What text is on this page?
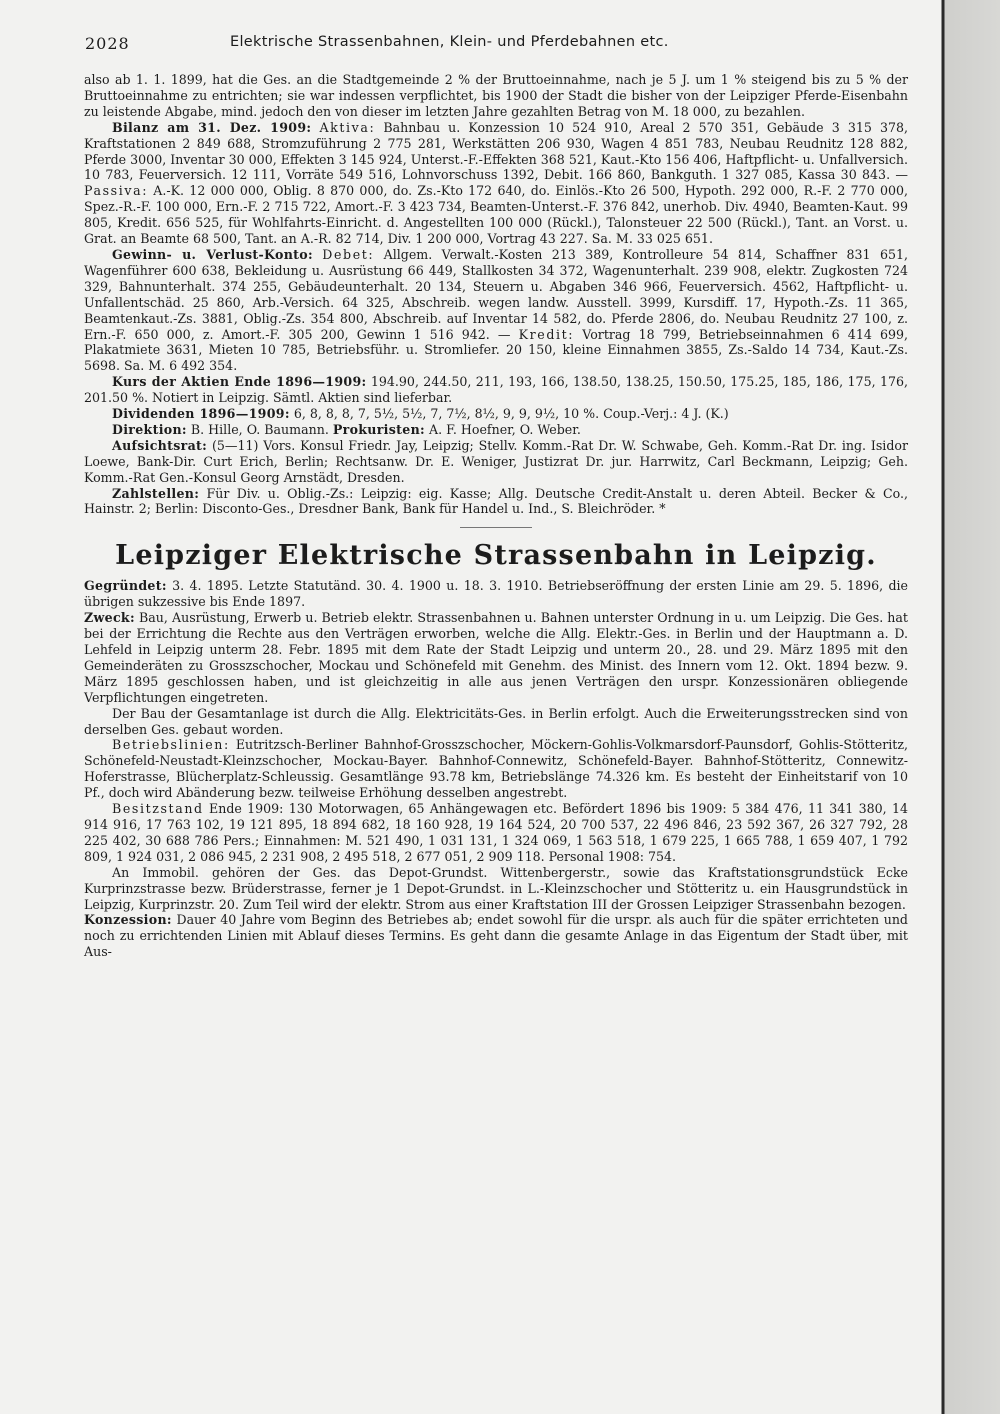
2028	Elektrische Strassenbahnen, Klein- und Pferdebahnen etc.

also ab 1. 1. 1899, hat die Ges. an die Stadtgemeinde 2 % der Bruttoeinnahme, nach je 5 J. um 1 % steigend bis zu 5 % der Bruttoeinnahme zu entrichten; sie war indessen verpflichtet, bis 1900 der Stadt die bisher von der Leipziger Pferde-Eisenbahn zu leistende Abgabe, mind. jedoch den von dieser im letzten Jahre gezahlten Betrag von M. 18 000, zu bezahlen.

Bilanz am 31. Dez. 1909: Aktiva: Bahnbau u. Konzession 10 524 910, Areal 2 570 351, Gebäude 3 315 378, Kraftstationen 2 849 688, Stromzuführung 2 775 281, Werkstätten 206 930, Wagen 4 851 783, Neubau Reudnitz 128 882, Pferde 3000, Inventar 30 000, Effekten 3 145 924, Unterst.-F.-Effekten 368 521, Kaut.-Kto 156 406, Haftpflicht- u. Unfallversich. 10 783, Feuerversich. 12 111, Vorräte 549 516, Lohnvorschuss 1392, Debit. 166 860, Bankguth. 1 327 085, Kassa 30 843. — Passiva: A.-K. 12 000 000, Oblig. 8 870 000, do. Zs.-Kto 172 640, do. Einlös.-Kto 26 500, Hypoth. 292 000, R.-F. 2 770 000, Spez.-R.-F. 100 000, Ern.-F. 2 715 722, Amort.-F. 3 423 734, Beamten-Unterst.-F. 376 842, unerhob. Div. 4940, Beamten-Kaut. 99 805, Kredit. 656 525, für Wohlfahrts-Einricht. d. Angestellten 100 000 (Rückl.), Talonsteuer 22 500 (Rückl.), Tant. an Vorst. u. Grat. an Beamte 68 500, Tant. an A.-R. 82 714, Div. 1 200 000, Vortrag 43 227. Sa. M. 33 025 651.

Gewinn- u. Verlust-Konto: Debet: Allgem. Verwalt.-Kosten 213 389, Kontrolleure 54 814, Schaffner 831 651, Wagenführer 600 638, Bekleidung u. Ausrüstung 66 449, Stallkosten 34 372, Wagenunterhalt. 239 908, elektr. Zugkosten 724 329, Bahnunterhalt. 374 255, Gebäudeunterhalt. 20 134, Steuern u. Abgaben 346 966, Feuerversich. 4562, Haftpflicht- u. Unfallentschäd. 25 860, Arb.-Versich. 64 325, Abschreib. wegen landw. Ausstell. 3999, Kursdiff. 17, Hypoth.-Zs. 11 365, Beamtenkaut.-Zs. 3881, Oblig.-Zs. 354 800, Abschreib. auf Inventar 14 582, do. Pferde 2806, do. Neubau Reudnitz 27 100, z. Ern.-F. 650 000, z. Amort.-F. 305 200, Gewinn 1 516 942. — Kredit: Vortrag 18 799, Betriebseinnahmen 6 414 699, Plakatmiete 3631, Mieten 10 785, Betriebsführ. u. Stromliefer. 20 150, kleine Einnahmen 3855, Zs.-Saldo 14 734, Kaut.-Zs. 5698. Sa. M. 6 492 354.

Kurs der Aktien Ende 1896—1909: 194.90, 244.50, 211, 193, 166, 138.50, 138.25, 150.50, 175.25, 185, 186, 175, 176, 201.50 %. Notiert in Leipzig. Sämtl. Aktien sind lieferbar.

Dividenden 1896—1909: 6, 8, 8, 8, 7, 5½, 5½, 7, 7½, 8½, 9, 9, 9½, 10 %. Coup.-Verj.: 4 J. (K.)

Direktion: B. Hille, O. Baumann. Prokuristen: A. F. Hoefner, O. Weber.

Aufsichtsrat: (5—11) Vors. Konsul Friedr. Jay, Leipzig; Stellv. Komm.-Rat Dr. W. Schwabe, Geh. Komm.-Rat Dr. ing. Isidor Loewe, Bank-Dir. Curt Erich, Berlin; Rechtsanw. Dr. E. Weniger, Justizrat Dr. jur. Harrwitz, Carl Beckmann, Leipzig; Geh. Komm.-Rat Gen.-Konsul Georg Arnstädt, Dresden.

Zahlstellen: Für Div. u. Oblig.-Zs.: Leipzig: eig. Kasse; Allg. Deutsche Credit-Anstalt u. deren Abteil. Becker & Co., Hainstr. 2; Berlin: Disconto-Ges., Dresdner Bank, Bank für Handel u. Ind., S. Bleichröder. *

Leipziger Elektrische Strassenbahn in Leipzig.

Gegründet: 3. 4. 1895. Letzte Statutänd. 30. 4. 1900 u. 18. 3. 1910. Betriebseröffnung der ersten Linie am 29. 5. 1896, die übrigen sukzessive bis Ende 1897.

Zweck: Bau, Ausrüstung, Erwerb u. Betrieb elektr. Strassenbahnen u. Bahnen unterster Ordnung in u. um Leipzig. Die Ges. hat bei der Errichtung die Rechte aus den Verträgen erworben, welche die Allg. Elektr.-Ges. in Berlin und der Hauptmann a. D. Lehfeld in Leipzig unterm 28. Febr. 1895 mit dem Rate der Stadt Leipzig und unterm 20., 28. und 29. März 1895 mit den Gemeinderäten zu Grosszschocher, Mockau und Schönefeld mit Genehm. des Minist. des Innern vom 12. Okt. 1894 bezw. 9. März 1895 geschlossen haben, und ist gleichzeitig in alle aus jenen Verträgen den urspr. Konzessionären obliegende Verpflichtungen eingetreten.

Der Bau der Gesamtanlage ist durch die Allg. Elektricitäts-Ges. in Berlin erfolgt. Auch die Erweiterungsstrecken sind von derselben Ges. gebaut worden.

Betriebslinien: Eutritzsch-Berliner Bahnhof-Grosszschocher, Möckern-Gohlis-Volkmarsdorf-Paunsdorf, Gohlis-Stötteritz, Schönefeld-Neustadt-Kleinzschocher, Mockau-Bayer. Bahnhof-Connewitz, Schönefeld-Bayer. Bahnhof-Stötteritz, Connewitz-Hoferstrasse, Blücherplatz-Schleussig. Gesamtlänge 93.78 km, Betriebslänge 74.326 km. Es besteht der Einheitstarif von 10 Pf., doch wird Abänderung bezw. teilweise Erhöhung desselben angestrebt.

Besitzstand Ende 1909: 130 Motorwagen, 65 Anhängewagen etc. Befördert 1896 bis 1909: 5 384 476, 11 341 380, 14 914 916, 17 763 102, 19 121 895, 18 894 682, 18 160 928, 19 164 524, 20 700 537, 22 496 846, 23 592 367, 26 327 792, 28 225 402, 30 688 786 Pers.; Einnahmen: M. 521 490, 1 031 131, 1 324 069, 1 563 518, 1 679 225, 1 665 788, 1 659 407, 1 792 809, 1 924 031, 2 086 945, 2 231 908, 2 495 518, 2 677 051, 2 909 118. Personal 1908: 754.

An Immobil. gehören der Ges. das Depot-Grundst. Wittenbergerstr., sowie das Kraftstationsgrundstück Ecke Kurprinzstrasse bezw. Brüderstrasse, ferner je 1 Depot-Grundst. in L.-Kleinzschocher und Stötteritz u. ein Hausgrundstück in Leipzig, Kurprinzstr. 20. Zum Teil wird der elektr. Strom aus einer Kraftstation III der Grossen Leipziger Strassenbahn bezogen.

Konzession: Dauer 40 Jahre vom Beginn des Betriebes ab; endet sowohl für die urspr. als auch für die später errichteten und noch zu errichtenden Linien mit Ablauf dieses Termins. Es geht dann die gesamte Anlage in das Eigentum der Stadt über, mit Aus-
